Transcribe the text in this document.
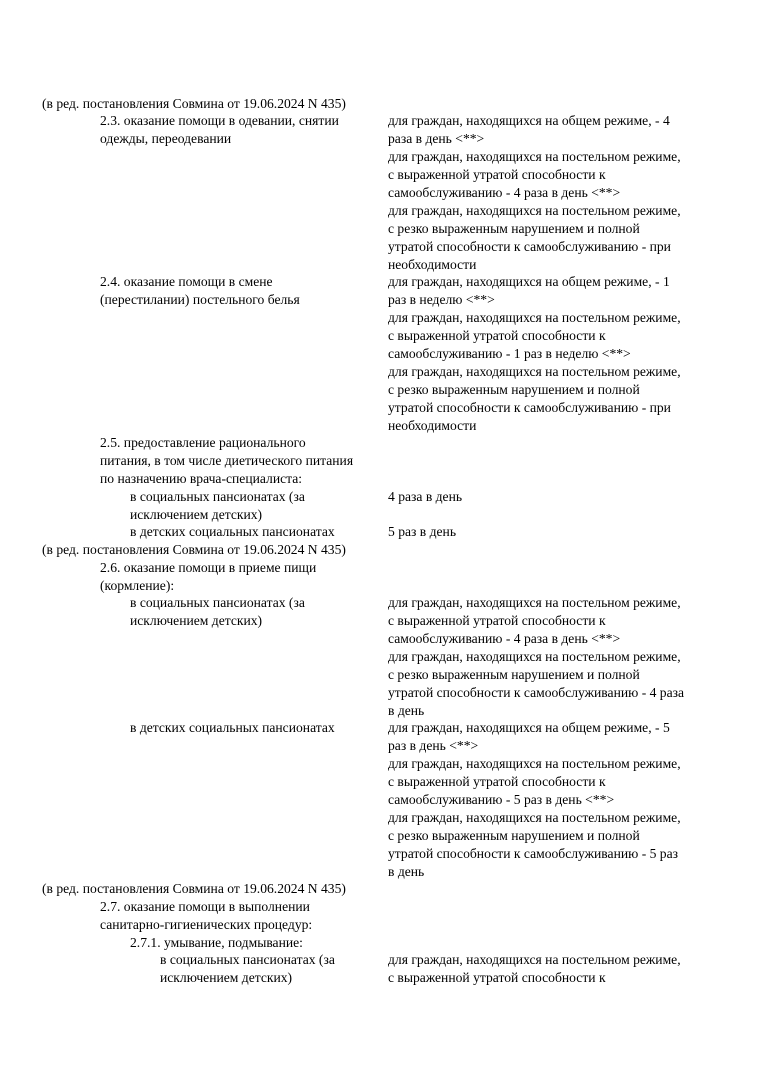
(в ред. постановления Совмина от 19.06.2024 N 435)
2.3. оказание помощи в одевании, снятии
одежды, переодевании
для граждан, находящихся на общем режиме, - 4
раза в день <**>
для граждан, находящихся на постельном режиме,
с выраженной утратой способности к
самообслуживанию - 4 раза в день <**>
для граждан, находящихся на постельном режиме,
с резко выраженным нарушением и полной
утратой способности к самообслуживанию - при
необходимости
2.4. оказание помощи в смене
(перестилании) постельного белья
для граждан, находящихся на общем режиме, - 1
раз в неделю <**>
для граждан, находящихся на постельном режиме,
с выраженной утратой способности к
самообслуживанию - 1 раз в неделю <**>
для граждан, находящихся на постельном режиме,
с резко выраженным нарушением и полной
утратой способности к самообслуживанию - при
необходимости
2.5. предоставление рационального
питания, в том числе диетического питания
по назначению врача-специалиста:
в социальных пансионатах (за
исключением детских)
4 раза в день
в детских социальных пансионатах	5 раз в день
(в ред. постановления Совмина от 19.06.2024 N 435)
2.6. оказание помощи в приеме пищи
(кормление):
в социальных пансионатах (за
исключением детских)
для граждан, находящихся на постельном режиме,
с выраженной утратой способности к
самообслуживанию - 4 раза в день <**>
для граждан, находящихся на постельном режиме,
с резко выраженным нарушением и полной
утратой способности к самообслуживанию - 4 раза
в день
в детских социальных пансионатах	для граждан, находящихся на общем режиме, - 5
раз в день <**>
для граждан, находящихся на постельном режиме,
с выраженной утратой способности к
самообслуживанию - 5 раз в день <**>
для граждан, находящихся на постельном режиме,
с резко выраженным нарушением и полной
утратой способности к самообслуживанию - 5 раз
в день
(в ред. постановления Совмина от 19.06.2024 N 435)
2.7. оказание помощи в выполнении
санитарно-гигиенических процедур:
2.7.1. умывание, подмывание:
в социальных пансионатах (за
исключением детских)
для граждан, находящихся на постельном режиме,
с выраженной утратой способности к
